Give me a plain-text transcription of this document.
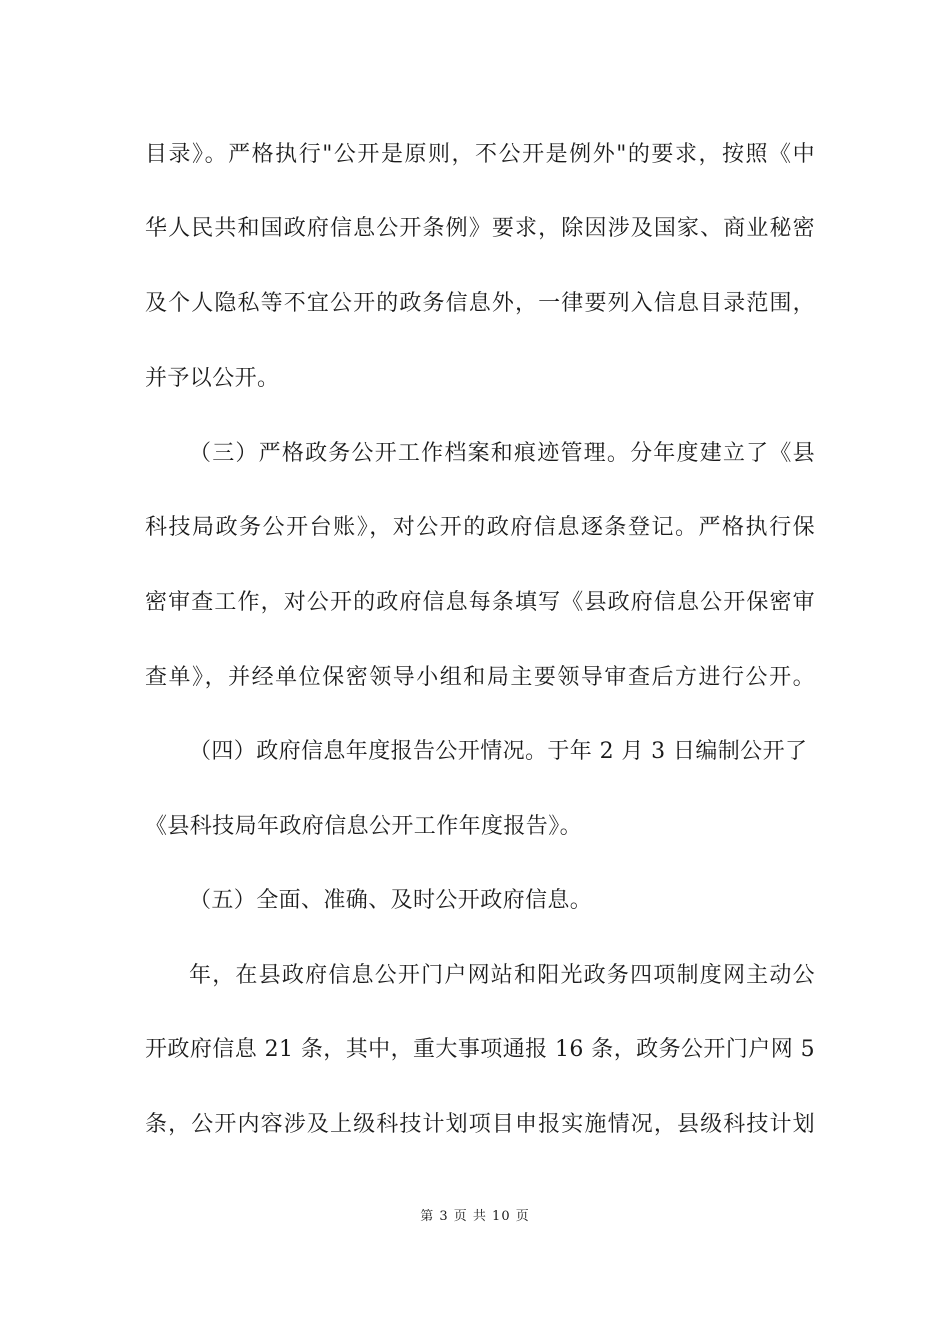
目录》。严格执行"公开是原则，不公开是例外"的要求，按照《中
华人民共和国政府信息公开条例》要求，除因涉及国家、商业秘密
及个人隐私等不宜公开的政务信息外，一律要列入信息目录范围，
并予以公开。
（三）严格政务公开工作档案和痕迹管理。分年度建立了《县
科技局政务公开台账》，对公开的政府信息逐条登记。严格执行保
密审查工作，对公开的政府信息每条填写《县政府信息公开保密审
查单》，并经单位保密领导小组和局主要领导审查后方进行公开。
（四）政府信息年度报告公开情况。于年 2 月 3 日编制公开了
《县科技局年政府信息公开工作年度报告》。
（五）全面、准确、及时公开政府信息。
年，在县政府信息公开门户网站和阳光政务四项制度网主动公
开政府信息 21 条，其中，重大事项通报 16 条，政务公开门户网 5
条，公开内容涉及上级科技计划项目申报实施情况，县级科技计划
第 3 页 共 10 页
